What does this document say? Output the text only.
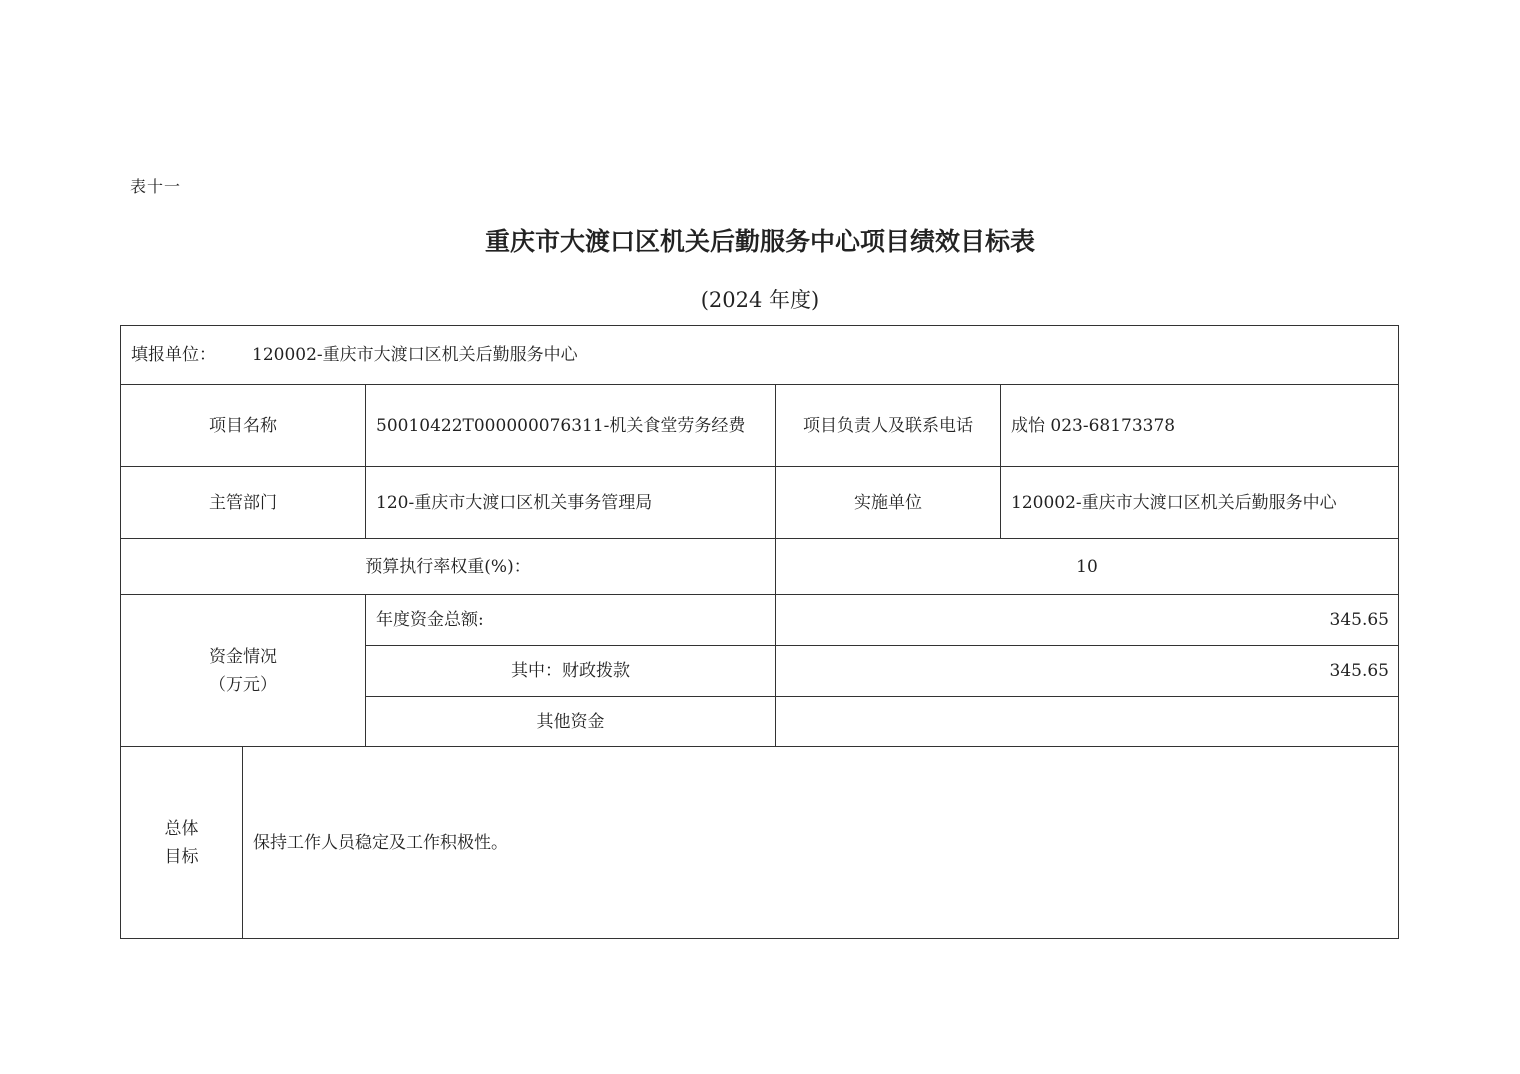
表十一
重庆市大渡口区机关后勤服务中心项目绩效目标表
(2024 年度)
填报单位： 120002-重庆市大渡口区机关后勤服务中心
项目名称	50010422T000000076311-机关食堂劳务经费	项目负责人及联系电话	成怡 023-68173378
主管部门	120-重庆市大渡口区机关事务管理局	实施单位	120002-重庆市大渡口区机关后勤服务中心
预算执行率权重(%)：	10
资金情况
（万元）
年度资金总额:	345.65
其中：财政拨款	345.65
其他资金
总体
目标
保持工作人员稳定及工作积极性。
